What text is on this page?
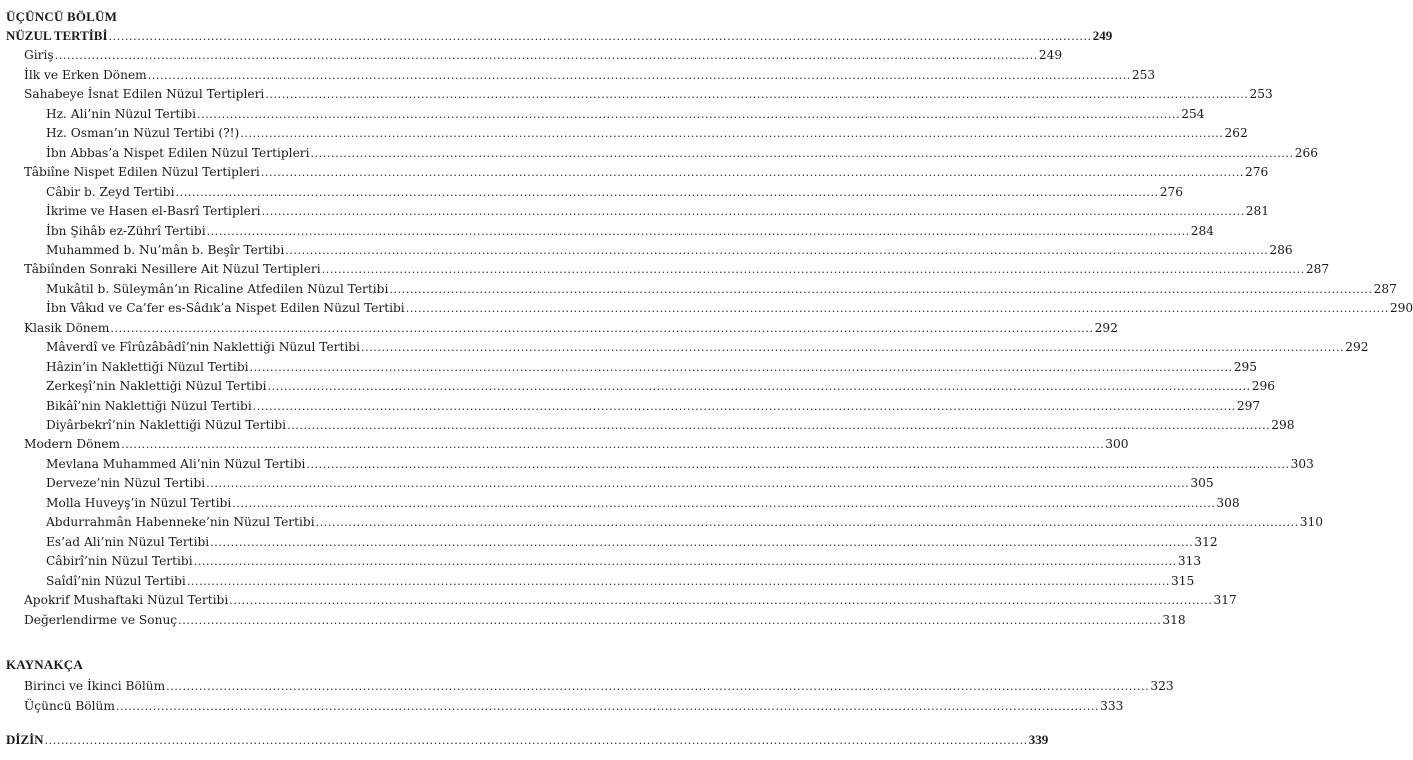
ÜÇÜNCÜ BÖLÜM
NÜZUL TERTİBİ ................................................................................................................................................................................................................................................ 249
Giriş ................................................................................................................................................................................................................................................ 249
İlk ve Erken Dönem ................................................................................................................................................................................................................................................ 253
Sahabeye İsnat Edilen Nüzul Tertipleri ................................................................................................................................................................................................................................................ 253
Hz. Ali’nin Nüzul Tertibi ................................................................................................................................................................................................................................................ 254
Hz. Osman’ın Nüzul Tertibi (?!) ................................................................................................................................................................................................................................................ 262
İbn Abbas’a Nispet Edilen Nüzul Tertipleri ................................................................................................................................................................................................................................................ 266
Tâbiîne Nispet Edilen Nüzul Tertipleri ................................................................................................................................................................................................................................................ 276
Câbir b. Zeyd Tertibi ................................................................................................................................................................................................................................................ 276
İkrime ve Hasen el-Basrî Tertipleri ................................................................................................................................................................................................................................................ 281
İbn Şihâb ez-Zührî Tertibi ................................................................................................................................................................................................................................................ 284
Muhammed b. Nu’mân b. Beşîr Tertibi ................................................................................................................................................................................................................................................ 286
Tâbiînden Sonraki Nesillere Ait Nüzul Tertipleri ................................................................................................................................................................................................................................................ 287
Mukâtil b. Süleymân’ın Ricaline Atfedilen Nüzul Tertibi ................................................................................................................................................................................................................................................ 287
İbn Vâkıd ve Ca’fer es-Sâdık’a Nispet Edilen Nüzul Tertibi ................................................................................................................................................................................................................................................ 290
Klasik Dönem ................................................................................................................................................................................................................................................ 292
Mâverdî ve Fîrûzâbâdî’nin Naklettiği Nüzul Tertibi ................................................................................................................................................................................................................................................ 292
Hâzin’in Naklettiği Nüzul Tertibi ................................................................................................................................................................................................................................................ 295
Zerkeşî’nin Naklettiği Nüzul Tertibi ................................................................................................................................................................................................................................................ 296
Bikâî’nin Naklettiği Nüzul Tertibi ................................................................................................................................................................................................................................................ 297
Diyârbekrî’nin Naklettiği Nüzul Tertibi ................................................................................................................................................................................................................................................ 298
Modern Dönem ................................................................................................................................................................................................................................................ 300
Mevlana Muhammed Ali’nin Nüzul Tertibi ................................................................................................................................................................................................................................................ 303
Derveze’nin Nüzul Tertibi ................................................................................................................................................................................................................................................ 305
Molla Huveyş’in Nüzul Tertibi ................................................................................................................................................................................................................................................ 308
Abdurrahmân Habenneke’nin Nüzul Tertibi ................................................................................................................................................................................................................................................ 310
Es’ad Ali’nin Nüzul Tertibi ................................................................................................................................................................................................................................................ 312
Câbirî’nin Nüzul Tertibi ................................................................................................................................................................................................................................................ 313
Saîdî’nin Nüzul Tertibi ................................................................................................................................................................................................................................................ 315
Apokrif Mushaftaki Nüzul Tertibi ................................................................................................................................................................................................................................................ 317
Değerlendirme ve Sonuç ................................................................................................................................................................................................................................................ 318
KAYNAKÇA
Birinci ve İkinci Bölüm ................................................................................................................................................................................................................................................ 323
Üçüncü Bölüm ................................................................................................................................................................................................................................................ 333
DİZİN ................................................................................................................................................................................................................................................ 339
